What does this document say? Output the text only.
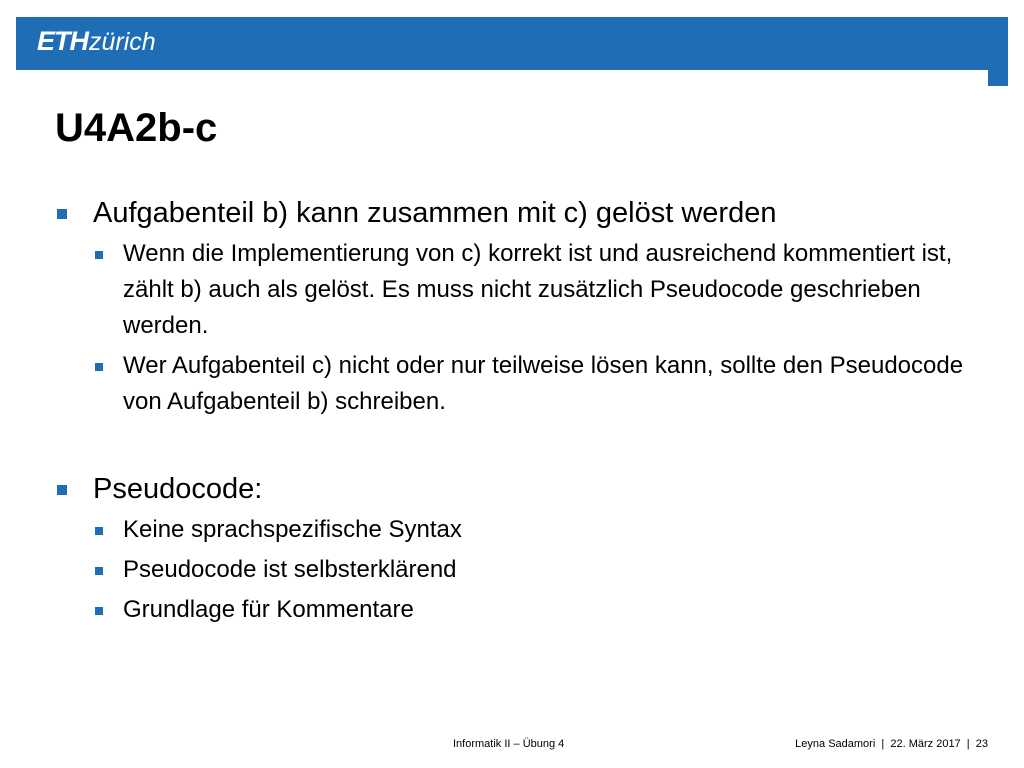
ETH zürich
U4A2b-c
Aufgabenteil b) kann zusammen mit c) gelöst werden
Wenn die Implementierung von c) korrekt ist und ausreichend kommentiert ist, zählt b) auch als gelöst. Es muss nicht zusätzlich Pseudocode geschrieben werden.
Wer Aufgabenteil c) nicht oder nur teilweise lösen kann, sollte den Pseudocode von Aufgabenteil b) schreiben.
Pseudocode:
Keine sprachspezifische Syntax
Pseudocode ist selbsterklärend
Grundlage für Kommentare
Informatik II – Übung 4	Leyna Sadamori  |  22. März 2017  |  23
